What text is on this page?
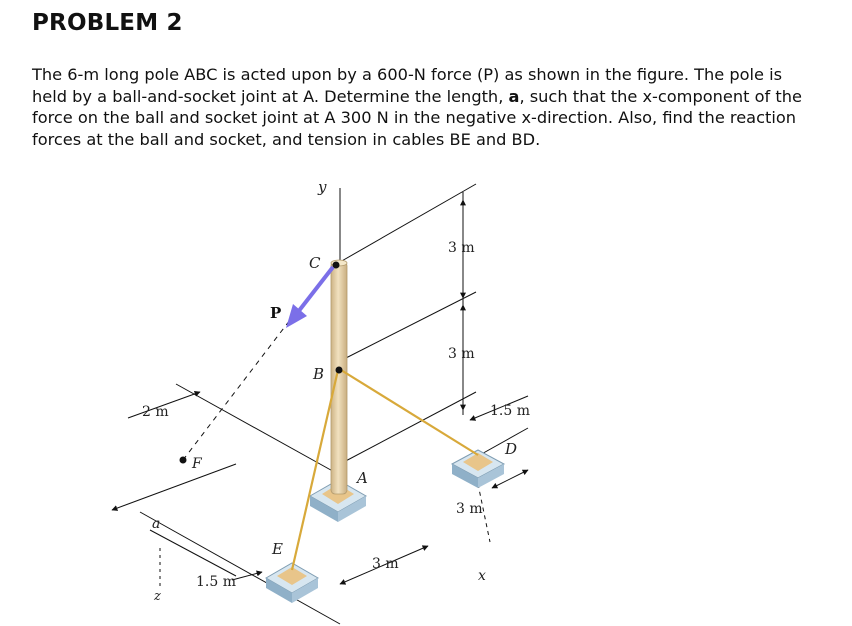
PROBLEM 2
The 6-m long pole ABC is acted upon by a 600-N force (P) as shown in the figure. The pole is held by a ball-and-socket joint at A. Determine the length, a, such that the x-component of the force on the ball and socket joint at A 300 N in the negative x-direction. Also, find the reaction forces at the ball and socket, and tension in cables BE and BD.
y
3 m
3 m
1.5 m
3 m
x
2 m
a
z
1.5 m
3 m
F
C
B
A
D
E
P
